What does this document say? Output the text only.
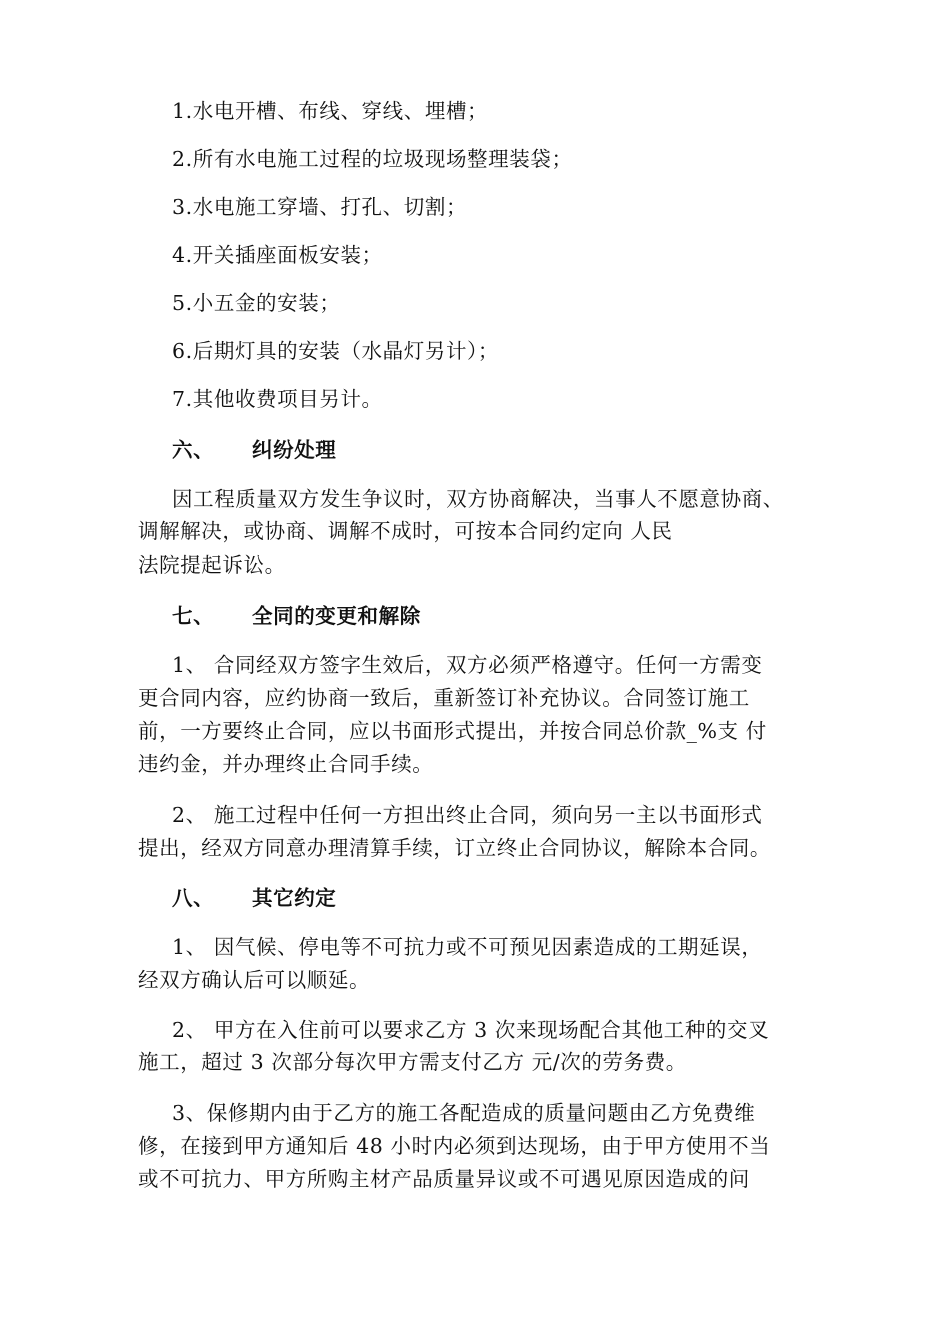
1.水电开槽、布线、穿线、埋槽；
2.所有水电施工过程的垃圾现场整理装袋；
3.水电施工穿墙、打孔、切割；
4.开关插座面板安装；
5.小五金的安装；
6.后期灯具的安装（水晶灯另计）；
7.其他收费项目另计。
六、 纠纷处理
因工程质量双方发生争议时，双方协商解决，当事人不愿意协商、
调解解决，或协商、调解不成时，可按本合同约定向 人民
法院提起诉讼。
七、 全同的变更和解除
1、 合同经双方签字生效后，双方必须严格遵守。任何一方需变
更合同内容，应约协商一致后，重新签订补充协议。合同签订施工
前，一方要终止合同，应以书面形式提出，并按合同总价款_%支 付
违约金，并办理终止合同手续。
2、 施工过程中任何一方担出终止合同，须向另一主以书面形式
提出，经双方同意办理清算手续，订立终止合同协议，解除本合同。
八、 其它约定
1、 因气候、停电等不可抗力或不可预见因素造成的工期延误，
经双方确认后可以顺延。
2、 甲方在入住前可以要求乙方 3 次来现场配合其他工种的交叉
施工，超过 3 次部分每次甲方需支付乙方 元/次的劳务费。
3、保修期内由于乙方的施工各配造成的质量问题由乙方免费维
修，在接到甲方通知后 48 小时内必须到达现场，由于甲方使用不当
或不可抗力、甲方所购主材产品质量异议或不可遇见原因造成的问
